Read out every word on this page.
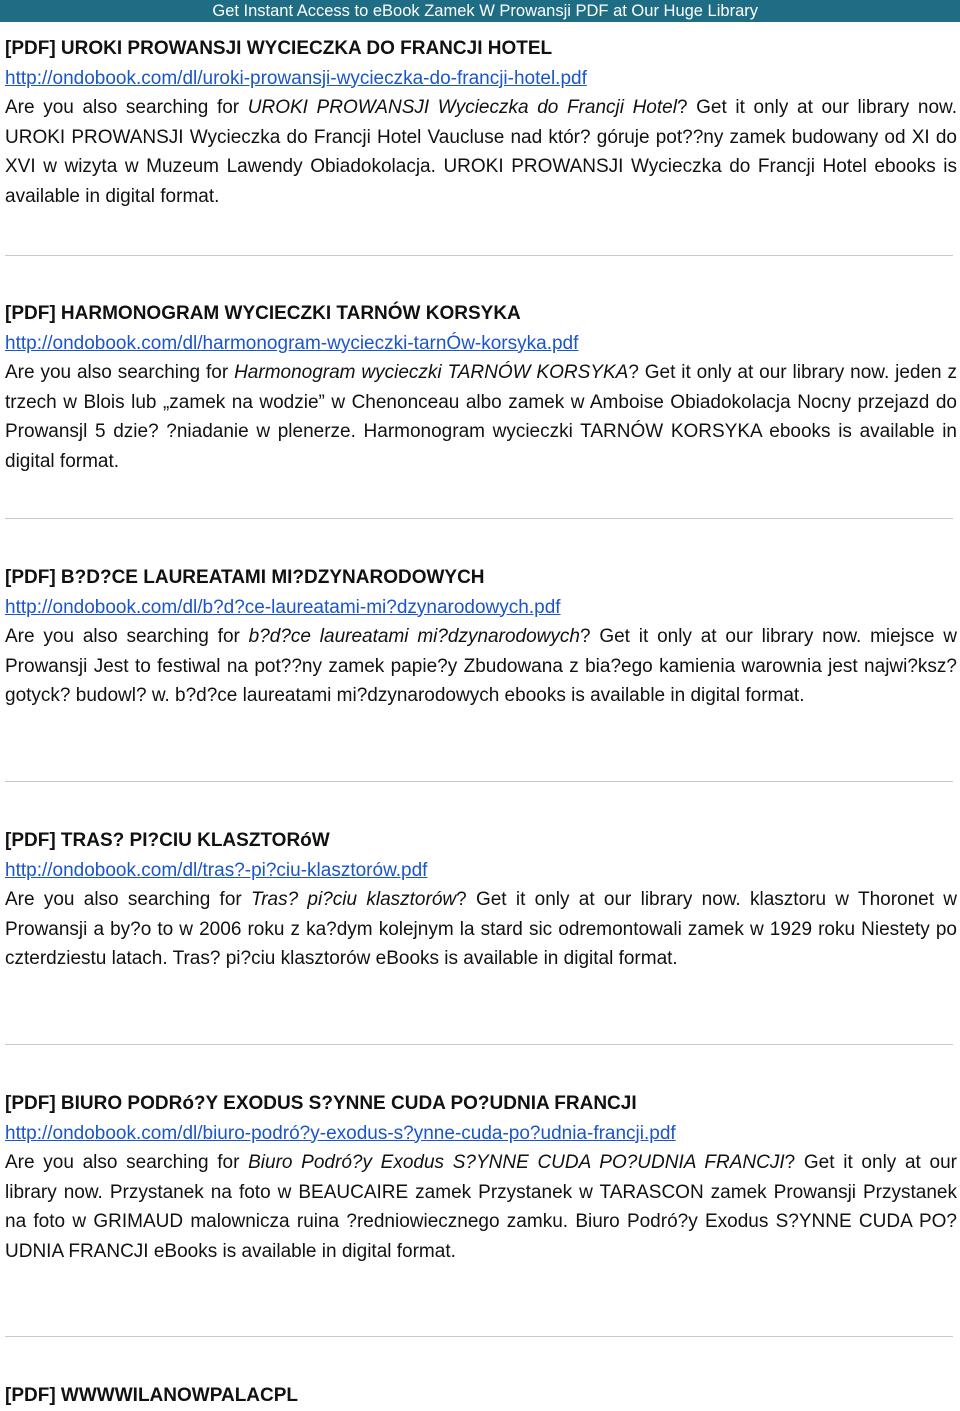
Get Instant Access to eBook Zamek W Prowansji PDF at Our Huge Library
[PDF] UROKI PROWANSJI WYCIECZKA DO FRANCJI HOTEL
http://ondobook.com/dl/uroki-prowansji-wycieczka-do-francji-hotel.pdf
Are you also searching for UROKI PROWANSJI Wycieczka do Francji Hotel? Get it only at our library now. UROKI PROWANSJI Wycieczka do Francji Hotel Vaucluse nad któr? góruje pot??ny zamek budowany od XI do XVI w wizyta w Muzeum Lawendy Obiadokolacja. UROKI PROWANSJI Wycieczka do Francji Hotel ebooks is available in digital format.
[PDF] HARMONOGRAM WYCIECZKI TARNÓW KORSYKA
http://ondobook.com/dl/harmonogram-wycieczki-tarnÓw-korsyka.pdf
Are you also searching for Harmonogram wycieczki TARNÓW KORSYKA? Get it only at our library now. jeden z trzech w Blois lub „zamek na wodzie” w Chenonceau albo zamek w Amboise Obiadokolacja Nocny przejazd do Prowansjl 5 dzie? ?niadanie w plenerze. Harmonogram wycieczki TARNÓW KORSYKA ebooks is available in digital format.
[PDF] B?D?CE LAUREATAMI MI?DZYNARODOWYCH
http://ondobook.com/dl/b?d?ce-laureatami-mi?dzynarodowych.pdf
Are you also searching for b?d?ce laureatami mi?dzynarodowych? Get it only at our library now. miejsce w Prowansji Jest to festiwal na pot??ny zamek papie?y Zbudowana z bia?ego kamienia warownia jest najwi?ksz? gotyck? budowl? w. b?d?ce laureatami mi?dzynarodowych ebooks is available in digital format.
[PDF] TRAS? PI?CIU KLASZTORóW
http://ondobook.com/dl/tras?-pi?ciu-klasztorów.pdf
Are you also searching for Tras? pi?ciu klasztorów? Get it only at our library now. klasztoru w Thoronet w Prowansji a by?o to w 2006 roku z ka?dym kolejnym la stard sic odremontowali zamek w 1929 roku Niestety po czterdziestu latach. Tras? pi?ciu klasztorów eBooks is available in digital format.
[PDF] BIURO PODRó?Y EXODUS S?YNNE CUDA PO?UDNIA FRANCJI
http://ondobook.com/dl/biuro-podró?y-exodus-s?ynne-cuda-po?udnia-francji.pdf
Are you also searching for Biuro Podró?y Exodus S?YNNE CUDA PO?UDNIA FRANCJI? Get it only at our library now. Przystanek na foto w BEAUCAIRE zamek Przystanek w TARASCON zamek Prowansji Przystanek na foto w GRIMAUD malownicza ruina ?redniowiecznego zamku. Biuro Podró?y Exodus S?YNNE CUDA PO?UDNIA FRANCJI eBooks is available in digital format.
[PDF] WWWWILANOWPALACPL
